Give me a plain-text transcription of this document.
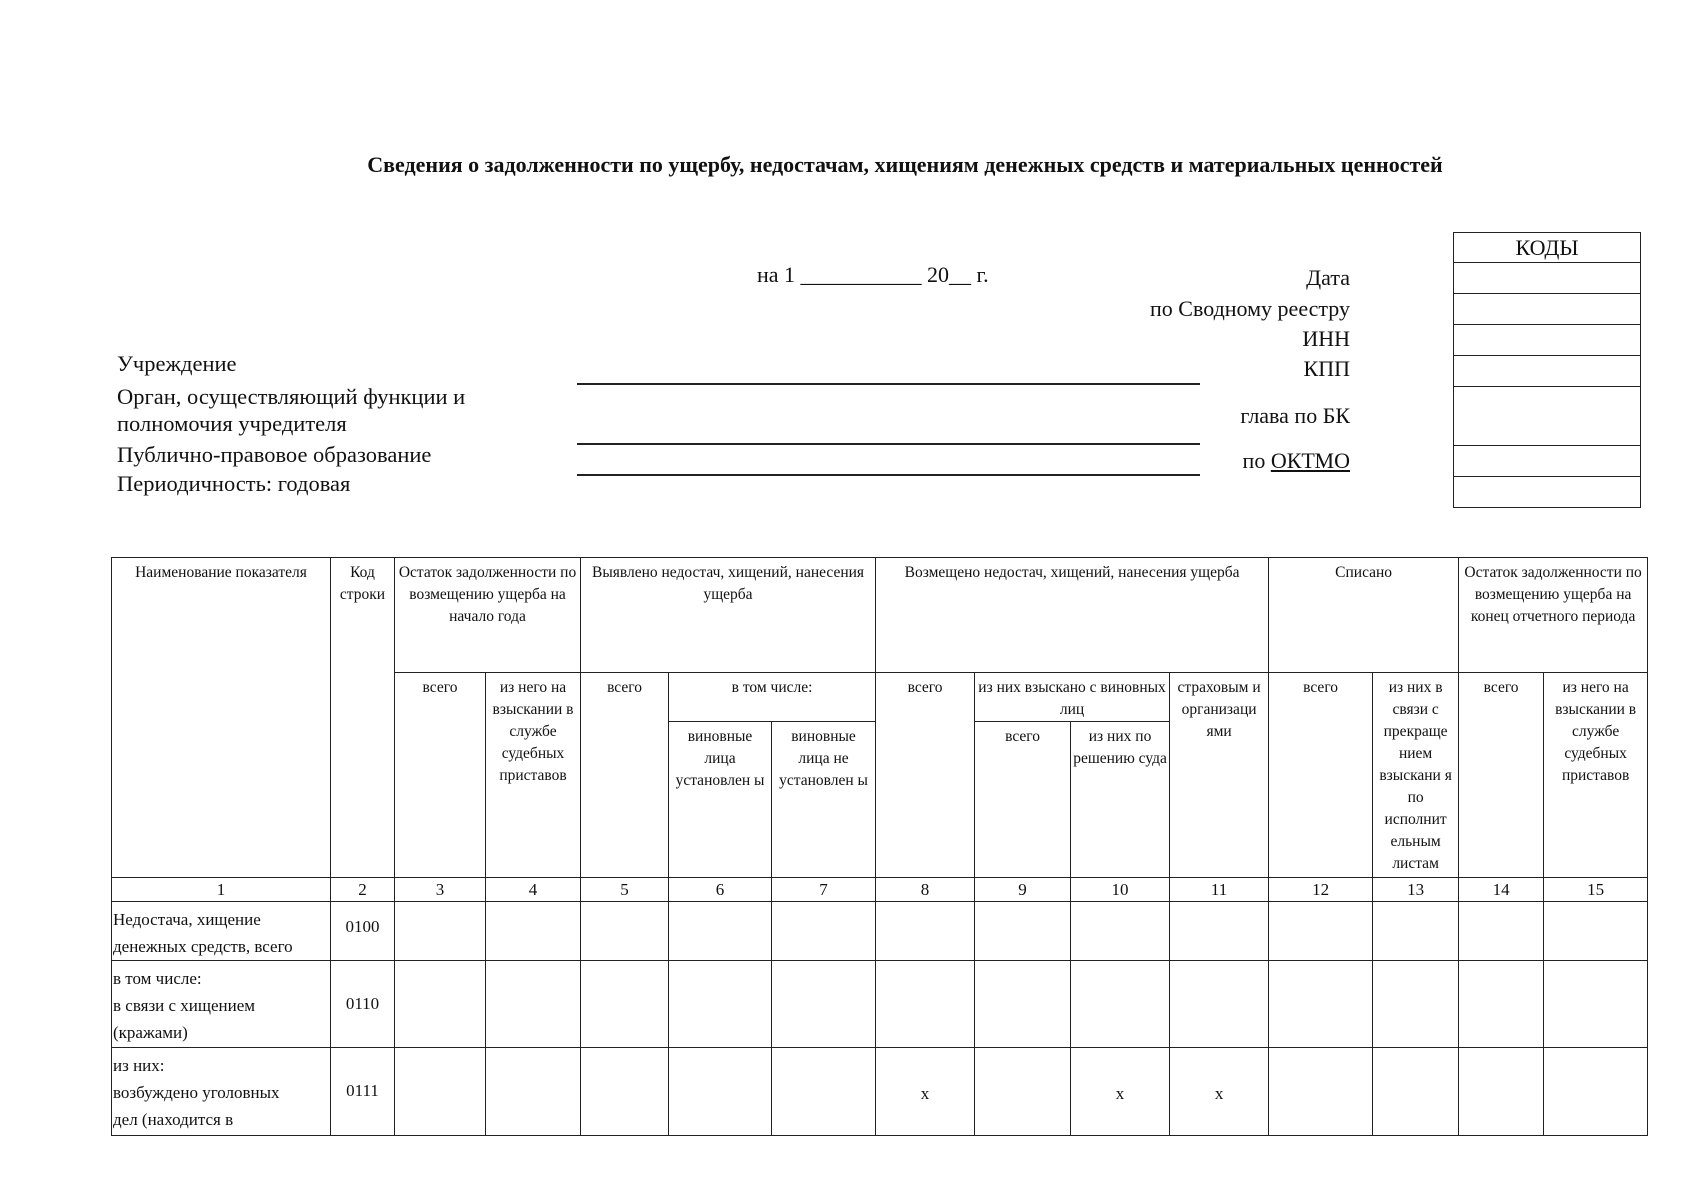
Сведения о задолженности по ущербу, недостачам, хищениям денежных средств и материальных ценностей
на 1 ___________ 20__ г.
Учреждение
Орган, осуществляющий функции и
полномочия учредителя
Публично-правовое образование
Периодичность: годовая
Дата
по Сводному реестру
ИНН
КПП
глава по БК
по ОКТМО
КОДЫ
Наименование показателя	Код строки	Остаток задолженности по возмещению ущерба на начало года		Выявлено недостач, хищений, нанесения ущерба			Возмещено недостач, хищений, нанесения ущерба				Списано		Остаток задолженности по возмещению ущерба на конец отчетного периода	
		всего	из него на взыскании в службе судебных приставов	всего	в том числе:		всего	из них взыскано с виновных лиц		страховым и организаци ями	всего	из них в связи с прекраще нием взыскани я по исполнит ельным листам	всего	из него на взыскании в службе судебных приставов
					виновные лица установлен ы	виновные лица не установлен ы		всего	из них по решению суда					
1	2	3	4	5	6	7	8	9	10	11	12	13	14	15

Недостача, хищение
денежных средств, всего	0100													

в том числе:
в связи с хищением
(кражами)	0110													

из них:
возбуждено уголовных
дел (находится в	0111						x		x	x				
